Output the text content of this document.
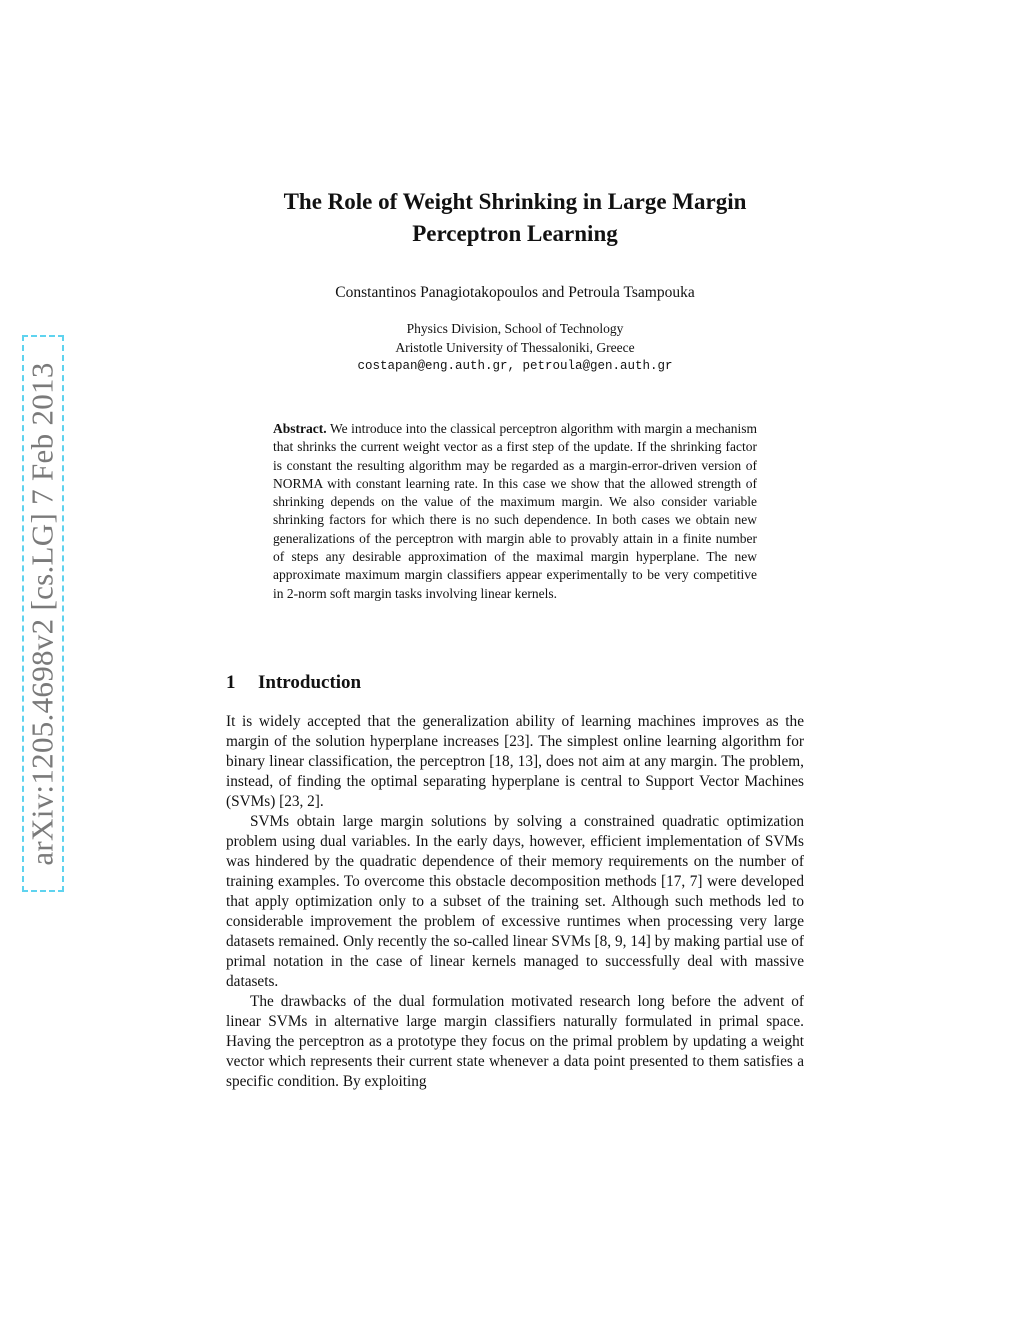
arXiv:1205.4698v2 [cs.LG] 7 Feb 2013
The Role of Weight Shrinking in Large Margin
Perceptron Learning
Constantinos Panagiotakopoulos and Petroula Tsampouka
Physics Division, School of Technology
Aristotle University of Thessaloniki, Greece
costapan@eng.auth.gr, petroula@gen.auth.gr
Abstract. We introduce into the classical perceptron algorithm with margin a mechanism that shrinks the current weight vector as a first step of the update. If the shrinking factor is constant the resulting algorithm may be regarded as a margin-error-driven version of NORMA with constant learning rate. In this case we show that the allowed strength of shrinking depends on the value of the maximum margin. We also consider variable shrinking factors for which there is no such dependence. In both cases we obtain new generalizations of the perceptron with margin able to provably attain in a finite number of steps any desirable approximation of the maximal margin hyperplane. The new approximate maximum margin classifiers appear experimentally to be very competitive in 2-norm soft margin tasks involving linear kernels.
1 Introduction

It is widely accepted that the generalization ability of learning machines improves as the margin of the solution hyperplane increases [23]. The simplest online learning algorithm for binary linear classification, the perceptron [18, 13], does not aim at any margin. The problem, instead, of finding the optimal separating hyperplane is central to Support Vector Machines (SVMs) [23, 2].

SVMs obtain large margin solutions by solving a constrained quadratic optimization problem using dual variables. In the early days, however, efficient implementation of SVMs was hindered by the quadratic dependence of their memory requirements on the number of training examples. To overcome this obstacle decomposition methods [17, 7] were developed that apply optimization only to a subset of the training set. Although such methods led to considerable improvement the problem of excessive runtimes when processing very large datasets remained. Only recently the so-called linear SVMs [8, 9, 14] by making partial use of primal notation in the case of linear kernels managed to successfully deal with massive datasets.

The drawbacks of the dual formulation motivated research long before the advent of linear SVMs in alternative large margin classifiers naturally formulated in primal space. Having the perceptron as a prototype they focus on the primal problem by updating a weight vector which represents their current state whenever a data point presented to them satisfies a specific condition. By exploiting
